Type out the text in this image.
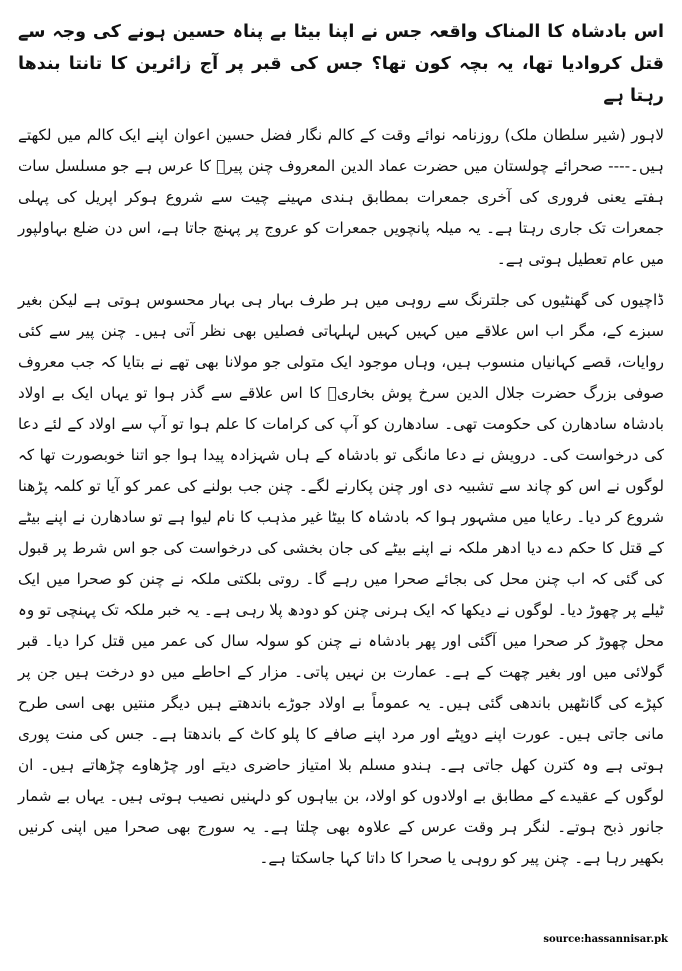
اس بادشاہ کا المناک واقعہ جس نے اپنا بیٹا بے پناہ حسین ہونے کی وجہ سے قتل کروادیا تھا، یہ بچہ کون تھا؟ جس کی قبر پر آج زائرین کا تانتا بندھا رہتا ہے

لاہور (شیر سلطان ملک) روزنامہ نوائے وقت کے کالم نگار فضل حسین اعوان اپنے ایک کالم میں لکھتے ہیں۔---- صحرائے چولستان میں حضرت عماد الدین المعروف چنن پیرؒ کا عرس ہے جو مسلسل سات ہفتے یعنی فروری کی آخری جمعرات بمطابق ہندی مہینے چیت سے شروع ہوکر اپریل کی پہلی جمعرات تک جاری رہتا ہے۔ یہ میلہ پانچویں جمعرات کو عروج پر پہنچ جاتا ہے، اس دن ضلع بہاولپور میں عام تعطیل ہوتی ہے۔

ڈاچیوں کی گھنٹیوں کی جلترنگ سے روہی میں ہر طرف بہار ہی بہار محسوس ہوتی ہے لیکن بغیر سبزے کے، مگر اب اس علاقے میں کہیں کہیں لہلہاتی فصلیں بھی نظر آتی ہیں۔ چنن پیر سے کئی روایات، قصے کہانیاں منسوب ہیں، وہاں موجود ایک متولی جو مولانا بھی تھے نے بتایا کہ جب معروف صوفی بزرگ حضرت جلال الدین سرخ پوش بخاریؒ کا اس علاقے سے گذر ہوا تو یہاں ایک بے اولاد بادشاہ سادھارن کی حکومت تھی۔ سادھارن کو آپ کی کرامات کا علم ہوا تو آپ سے اولاد کے لئے دعا کی درخواست کی۔ درویش نے دعا مانگی تو بادشاہ کے ہاں شہزادہ پیدا ہوا جو اتنا خوبصورت تھا کہ لوگوں نے اس کو چاند سے تشبیہ دی اور چنن پکارنے لگے۔ چنن جب بولنے کی عمر کو آیا تو کلمہ پڑھنا شروع کر دیا۔ رعایا میں مشہور ہوا کہ بادشاہ کا بیٹا غیر مذہب کا نام لیوا ہے تو سادھارن نے اپنے بیٹے کے قتل کا حکم دے دیا ادھر ملکہ نے اپنے بیٹے کی جان بخشی کی درخواست کی جو اس شرط پر قبول کی گئی کہ اب چنن محل کی بجائے صحرا میں رہے گا۔ روتی بلکتی ملکہ نے چنن کو صحرا میں ایک ٹیلے پر چھوڑ دیا۔ لوگوں نے دیکھا کہ ایک ہرنی چنن کو دودھ پلا رہی ہے۔ یہ خبر ملکہ تک پہنچی تو وہ محل چھوڑ کر صحرا میں آگئی اور پھر بادشاہ نے چنن کو سولہ سال کی عمر میں قتل کرا دیا۔ قبر گولائی میں اور بغیر چھت کے ہے۔ عمارت بن نہیں پاتی۔ مزار کے احاطے میں دو درخت ہیں جن پر کپڑے کی گانٹھیں باندھی گئی ہیں۔ یہ عموماً بے اولاد جوڑے باندھتے ہیں دیگر منتیں بھی اسی طرح مانی جاتی ہیں۔ عورت اپنے دوپٹے اور مرد اپنے صافے کا پلو کاٹ کے باندھتا ہے۔ جس کی منت پوری ہوتی ہے وہ کترن کھل جاتی ہے۔ ہندو مسلم بلا امتیاز حاضری دیتے اور چڑھاوے چڑھاتے ہیں۔ ان لوگوں کے عقیدے کے مطابق بے اولادوں کو اولاد، بن بیاہوں کو دلہنیں نصیب ہوتی ہیں۔ یہاں بے شمار جانور ذبح ہوتے۔ لنگر ہر وقت عرس کے علاوہ بھی چلتا ہے۔ یہ سورج بھی صحرا میں اپنی کرنیں بکھیر رہا ہے۔ چنن پیر کو روہی یا صحرا کا داتا کہا جاسکتا ہے۔

source:hassannisar.pk
